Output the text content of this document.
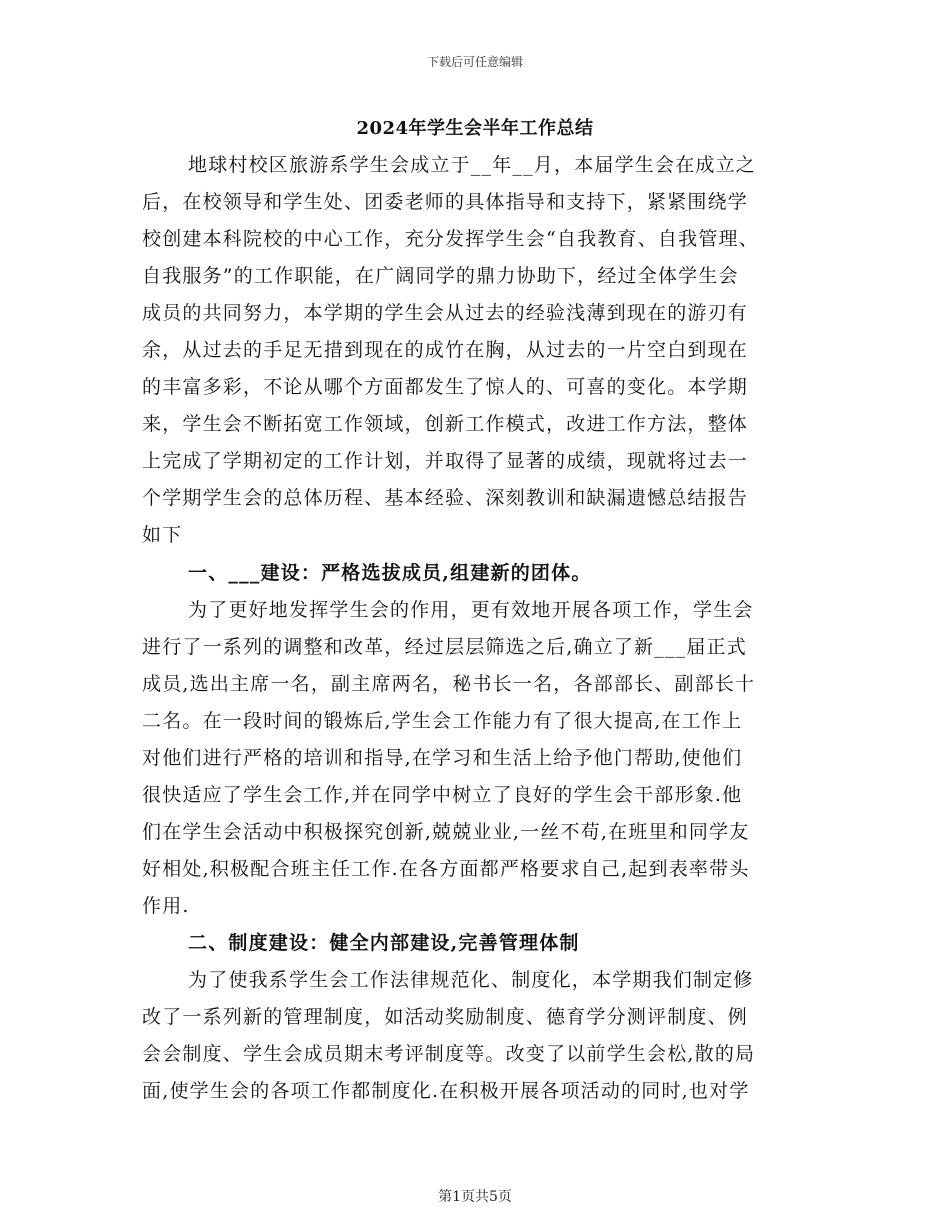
下载后可任意编辑
2024年学生会半年工作总结
地球村校区旅游系学生会成立于__年__月，本届学生会在成立之
后，在校领导和学生处、团委老师的具体指导和支持下，紧紧围绕学
校创建本科院校的中心工作，充分发挥学生会“自我教育、自我管理、
自我服务”的工作职能，在广阔同学的鼎力协助下，经过全体学生会
成员的共同努力，本学期的学生会从过去的经验浅薄到现在的游刃有
余，从过去的手足无措到现在的成竹在胸，从过去的一片空白到现在
的丰富多彩，不论从哪个方面都发生了惊人的、可喜的变化。本学期
来，学生会不断拓宽工作领域，创新工作模式，改进工作方法，整体
上完成了学期初定的工作计划，并取得了显著的成绩，现就将过去一
个学期学生会的总体历程、基本经验、深刻教训和缺漏遗憾总结报告
如下
一、___建设：严格选拔成员,组建新的团体。
为了更好地发挥学生会的作用，更有效地开展各项工作，学生会
进行了一系列的调整和改革，经过层层筛选之后,确立了新___届正式
成员,选出主席一名，副主席两名，秘书长一名，各部部长、副部长十
二名。在一段时间的锻炼后,学生会工作能力有了很大提高,在工作上
对他们进行严格的培训和指导,在学习和生活上给予他门帮助,使他们
很快适应了学生会工作,并在同学中树立了良好的学生会干部形象.他
们在学生会活动中积极探究创新,兢兢业业,一丝不苟,在班里和同学友
好相处,积极配合班主任工作.在各方面都严格要求自己,起到表率带头
作用.
二、制度建设：健全内部建设,完善管理体制
为了使我系学生会工作法律规范化、制度化，本学期我们制定修
改了一系列新的管理制度，如活动奖励制度、德育学分测评制度、例
会会制度、学生会成员期末考评制度等。改变了以前学生会松,散的局
面,使学生会的各项工作都制度化.在积极开展各项活动的同时,也对学
第1页共5页
